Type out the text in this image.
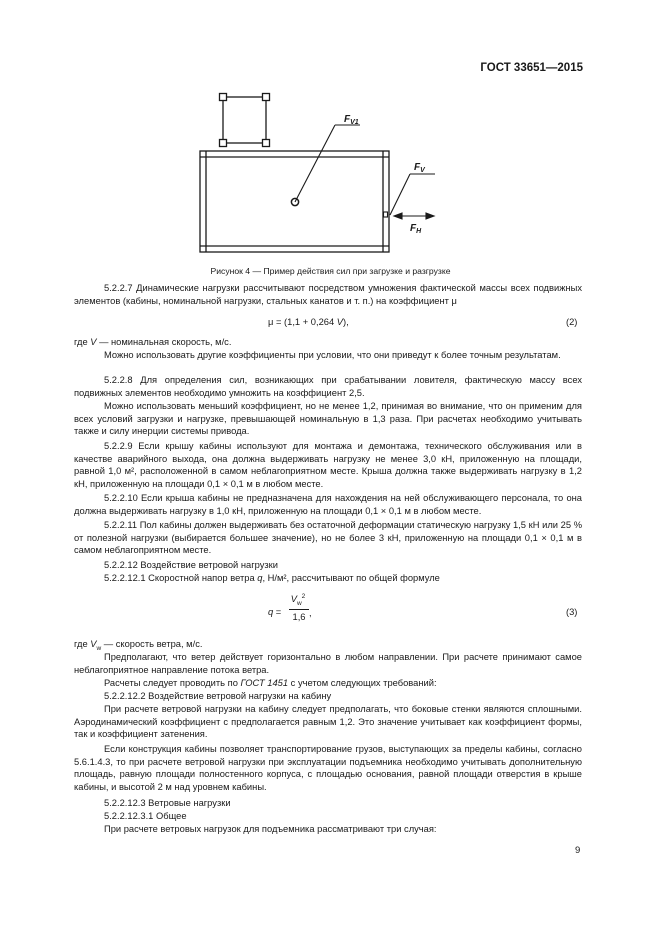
ГОСТ 33651—2015
$F_{V1}$
$F_V$
$F_H$
Рисунок 4 — Пример действия сил при загрузке и разгрузке
5.2.2.7 Динамические нагрузки рассчитывают посредством умножения фактической массы всех подвижных элементов (кабины, номинальной нагрузки, стальных канатов и т. п.) на коэффициент μ
μ = (1,1 + 0,264 V),	(2)
где V — номинальная скорость, м/с.
Можно использовать другие коэффициенты при условии, что они приведут к более точным результатам.
5.2.2.8 Для определения сил, возникающих при срабатывании ловителя, фактическую массу всех подвижных элементов необходимо умножить на коэффициент 2,5.
Можно использовать меньший коэффициент, но не менее 1,2, принимая во внимание, что он применим для всех условий загрузки и нагрузке, превышающей номинальную в 1,3 раза. При расчетах необходимо учитывать также и силу инерции системы привода.
5.2.2.9 Если крышу кабины используют для монтажа и демонтажа, технического обслуживания или в качестве аварийного выхода, она должна выдерживать нагрузку не менее 3,0 кН, приложенную на площади, равной 1,0 м², расположенной в самом неблагоприятном месте. Крыша должна также выдерживать нагрузку в 1,2 кН, приложенную на площади 0,1 × 0,1 м в любом месте.
5.2.2.10 Если крыша кабины не предназначена для нахождения на ней обслуживающего персонала, то она должна выдерживать нагрузку в 1,0 кН, приложенную на площади 0,1 × 0,1 м в любом месте.
5.2.2.11 Пол кабины должен выдерживать без остаточной деформации статическую нагрузку 1,5 кН или 25 % от полезной нагрузки (выбирается большее значение), но не более 3 кН, приложенную на площади 0,1 × 0,1 м в самом неблагоприятном месте.
5.2.2.12 Воздействие ветровой нагрузки
5.2.2.12.1 Скоростной напор ветра q, Н/м², рассчитывают по общей формуле
q =
$V_w^2$
1,6 ,	(3)
где $V_w$ — скорость ветра, м/с.
Предполагают, что ветер действует горизонтально в любом направлении. При расчете принимают самое неблагоприятное направление потока ветра.
Расчеты следует проводить по ГОСТ 1451 с учетом следующих требований:
5.2.2.12.2 Воздействие ветровой нагрузки на кабину
При расчете ветровой нагрузки на кабину следует предполагать, что боковые стенки являются сплошными. Аэродинамический коэффициент с предполагается равным 1,2. Это значение учитывает как коэффициент формы, так и коэффициент затенения.
Если конструкция кабины позволяет транспортирование грузов, выступающих за пределы кабины, согласно 5.6.1.4.3, то при расчете ветровой нагрузки при эксплуатации подъемника необходимо учитывать дополнительную площадь, равную площади полностенного корпуса, с площадью основания, равной площади отверстия в крыше кабины, и высотой 2 м над уровнем кабины.
5.2.2.12.3 Ветровые нагрузки
5.2.2.12.3.1 Общее
При расчете ветровых нагрузок для подъемника рассматривают три случая:
9
